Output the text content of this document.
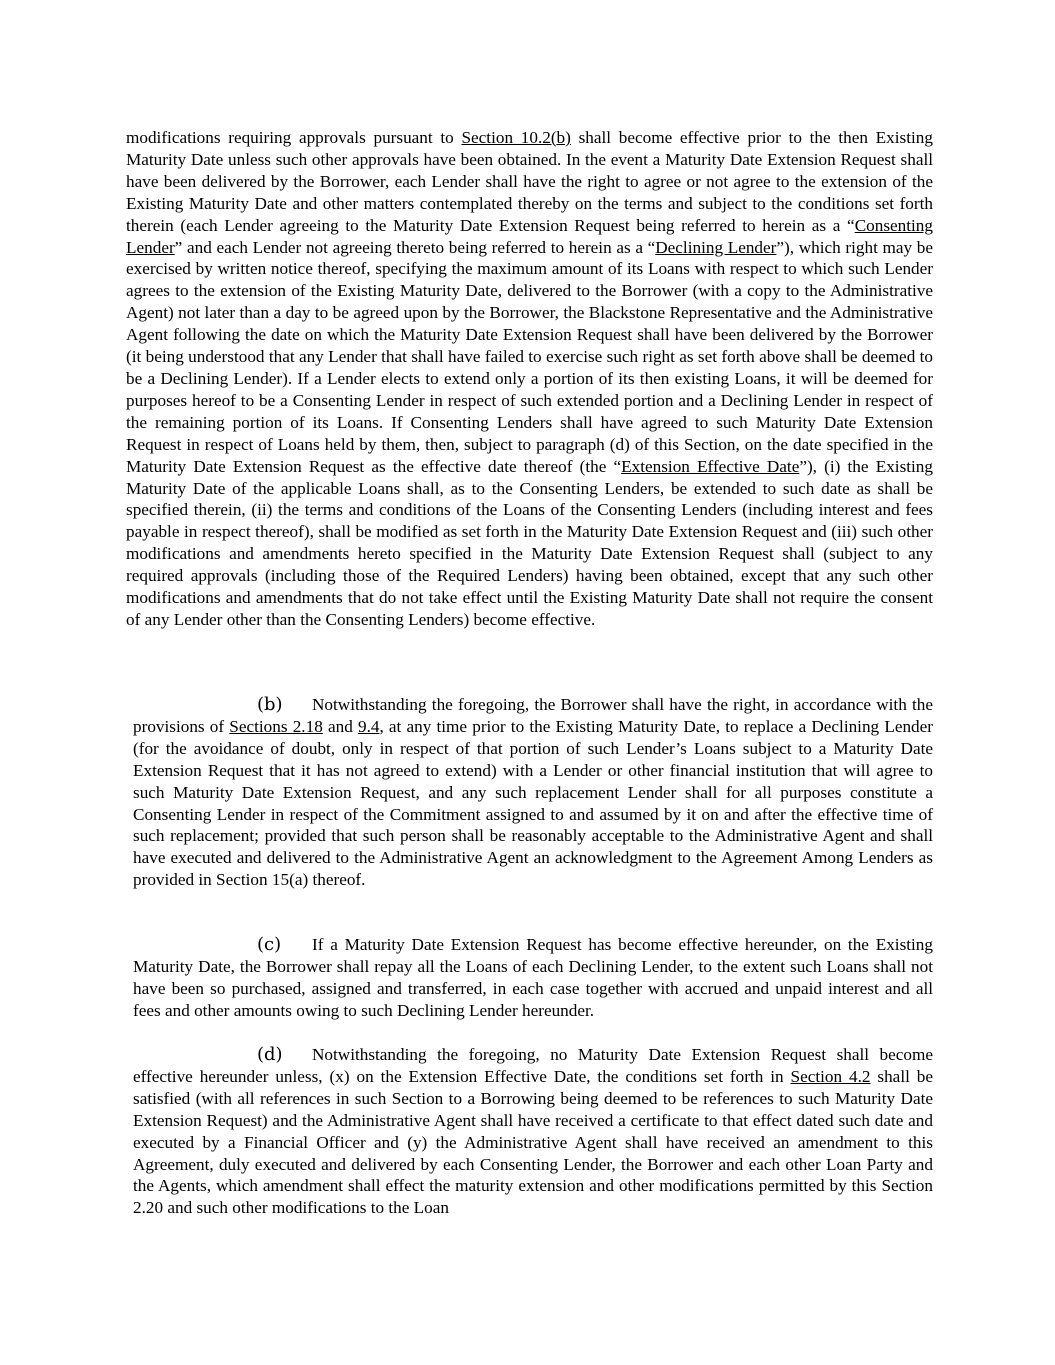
modifications requiring approvals pursuant to Section 10.2(b) shall become effective prior to the then Existing Maturity Date unless such other approvals have been obtained. In the event a Maturity Date Extension Request shall have been delivered by the Borrower, each Lender shall have the right to agree or not agree to the extension of the Existing Maturity Date and other matters contemplated thereby on the terms and subject to the conditions set forth therein (each Lender agreeing to the Maturity Date Extension Request being referred to herein as a “Consenting Lender” and each Lender not agreeing thereto being referred to herein as a “Declining Lender”), which right may be exercised by written notice thereof, specifying the maximum amount of its Loans with respect to which such Lender agrees to the extension of the Existing Maturity Date, delivered to the Borrower (with a copy to the Administrative Agent) not later than a day to be agreed upon by the Borrower, the Blackstone Representative and the Administrative Agent following the date on which the Maturity Date Extension Request shall have been delivered by the Borrower (it being understood that any Lender that shall have failed to exercise such right as set forth above shall be deemed to be a Declining Lender). If a Lender elects to extend only a portion of its then existing Loans, it will be deemed for purposes hereof to be a Consenting Lender in respect of such extended portion and a Declining Lender in respect of the remaining portion of its Loans. If Consenting Lenders shall have agreed to such Maturity Date Extension Request in respect of Loans held by them, then, subject to paragraph (d) of this Section, on the date specified in the Maturity Date Extension Request as the effective date thereof (the “Extension Effective Date”), (i) the Existing Maturity Date of the applicable Loans shall, as to the Consenting Lenders, be extended to such date as shall be specified therein, (ii) the terms and conditions of the Loans of the Consenting Lenders (including interest and fees payable in respect thereof), shall be modified as set forth in the Maturity Date Extension Request and (iii) such other modifications and amendments hereto specified in the Maturity Date Extension Request shall (subject to any required approvals (including those of the Required Lenders) having been obtained, except that any such other modifications and amendments that do not take effect until the Existing Maturity Date shall not require the consent of any Lender other than the Consenting Lenders) become effective.

(b) Notwithstanding the foregoing, the Borrower shall have the right, in accordance with the provisions of Sections 2.18 and 9.4, at any time prior to the Existing Maturity Date, to replace a Declining Lender (for the avoidance of doubt, only in respect of that portion of such Lender’s Loans subject to a Maturity Date Extension Request that it has not agreed to extend) with a Lender or other financial institution that will agree to such Maturity Date Extension Request, and any such replacement Lender shall for all purposes constitute a Consenting Lender in respect of the Commitment assigned to and assumed by it on and after the effective time of such replacement; provided that such person shall be reasonably acceptable to the Administrative Agent and shall have executed and delivered to the Administrative Agent an acknowledgment to the Agreement Among Lenders as provided in Section 15(a) thereof.

(c) If a Maturity Date Extension Request has become effective hereunder, on the Existing Maturity Date, the Borrower shall repay all the Loans of each Declining Lender, to the extent such Loans shall not have been so purchased, assigned and transferred, in each case together with accrued and unpaid interest and all fees and other amounts owing to such Declining Lender hereunder.

(d) Notwithstanding the foregoing, no Maturity Date Extension Request shall become effective hereunder unless, (x) on the Extension Effective Date, the conditions set forth in Section 4.2 shall be satisfied (with all references in such Section to a Borrowing being deemed to be references to such Maturity Date Extension Request) and the Administrative Agent shall have received a certificate to that effect dated such date and executed by a Financial Officer and (y) the Administrative Agent shall have received an amendment to this Agreement, duly executed and delivered by each Consenting Lender, the Borrower and each other Loan Party and the Agents, which amendment shall effect the maturity extension and other modifications permitted by this Section 2.20 and such other modifications to the Loan
